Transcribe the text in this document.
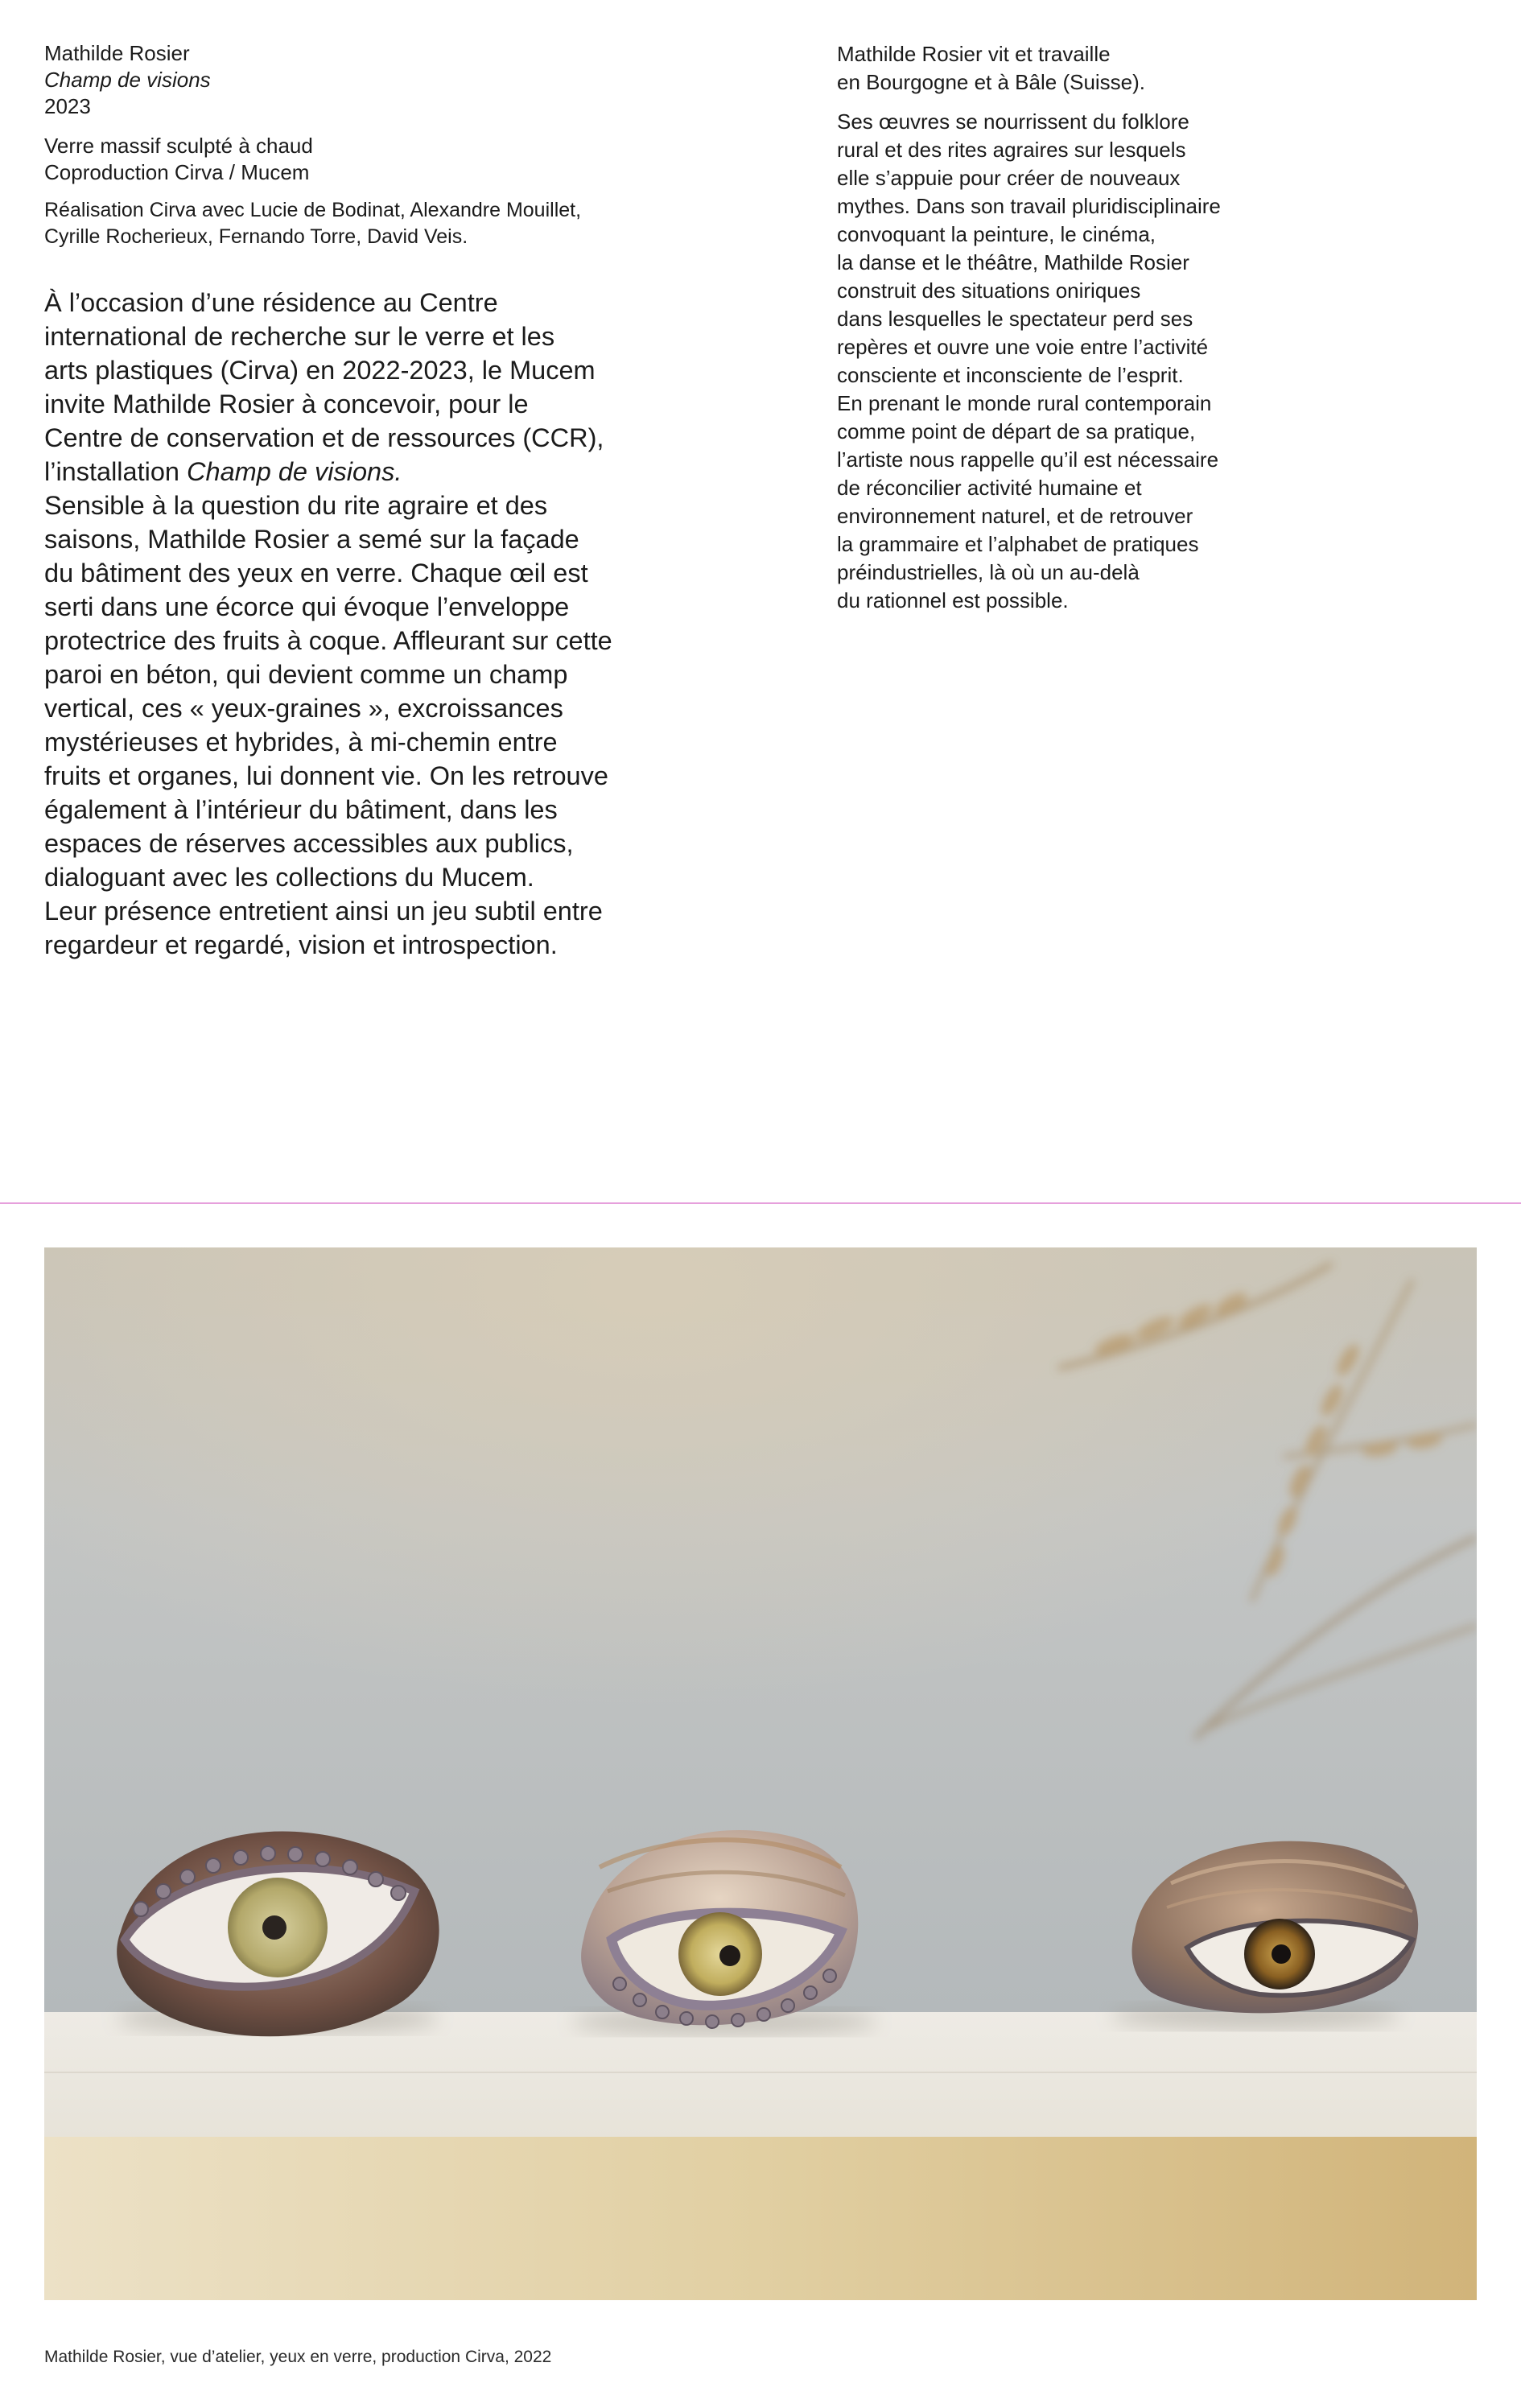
Mathilde Rosier

Champ de visions

2023

Verre massif sculpté à chaud

Coproduction Cirva / Mucem

Réalisation Cirva avec Lucie de Bodinat, Alexandre Mouillet,
Cyrille Rocherieux, Fernando Torre, David Veis.

À l’occasion d’une résidence au Centre

international de recherche sur le verre et les

arts plastiques (Cirva) en 2022-2023, le Mucem

invite Mathilde Rosier à concevoir, pour le

Centre de conservation et de ressources (CCR),

l’installation Champ de visions.

Sensible à la question du rite agraire et des

saisons, Mathilde Rosier a semé sur la façade

du bâtiment des yeux en verre. Chaque œil est

serti dans une écorce qui évoque l’enveloppe

protectrice des fruits à coque. Affleurant sur cette

paroi en béton, qui devient comme un champ

vertical, ces « yeux-graines », excroissances

mystérieuses et hybrides, à mi-chemin entre

fruits et organes, lui donnent vie. On les retrouve

également à l’intérieur du bâtiment, dans les

espaces de réserves accessibles aux publics,

dialoguant avec les collections du Mucem.

Leur présence entretient ainsi un jeu subtil entre

regardeur et regardé, vision et introspection.

Mathilde Rosier vit et travaille

en Bourgogne et à Bâle (Suisse).

Ses œuvres se nourrissent du folklore

rural et des rites agraires sur lesquels

elle s’appuie pour créer de nouveaux

mythes. Dans son travail pluridisciplinaire

convoquant la peinture, le cinéma,

la danse et le théâtre, Mathilde Rosier

construit des situations oniriques

dans lesquelles le spectateur perd ses

repères et ouvre une voie entre l’activité

consciente et inconsciente de l’esprit.

En prenant le monde rural contemporain

comme point de départ de sa pratique,

l’artiste nous rappelle qu’il est nécessaire

de réconcilier activité humaine et

environnement naturel, et de retrouver

la grammaire et l’alphabet de pratiques

préindustrielles, là où un au-delà

du rationnel est possible.

Mathilde Rosier, vue d’atelier, yeux en verre, production Cirva, 2022
